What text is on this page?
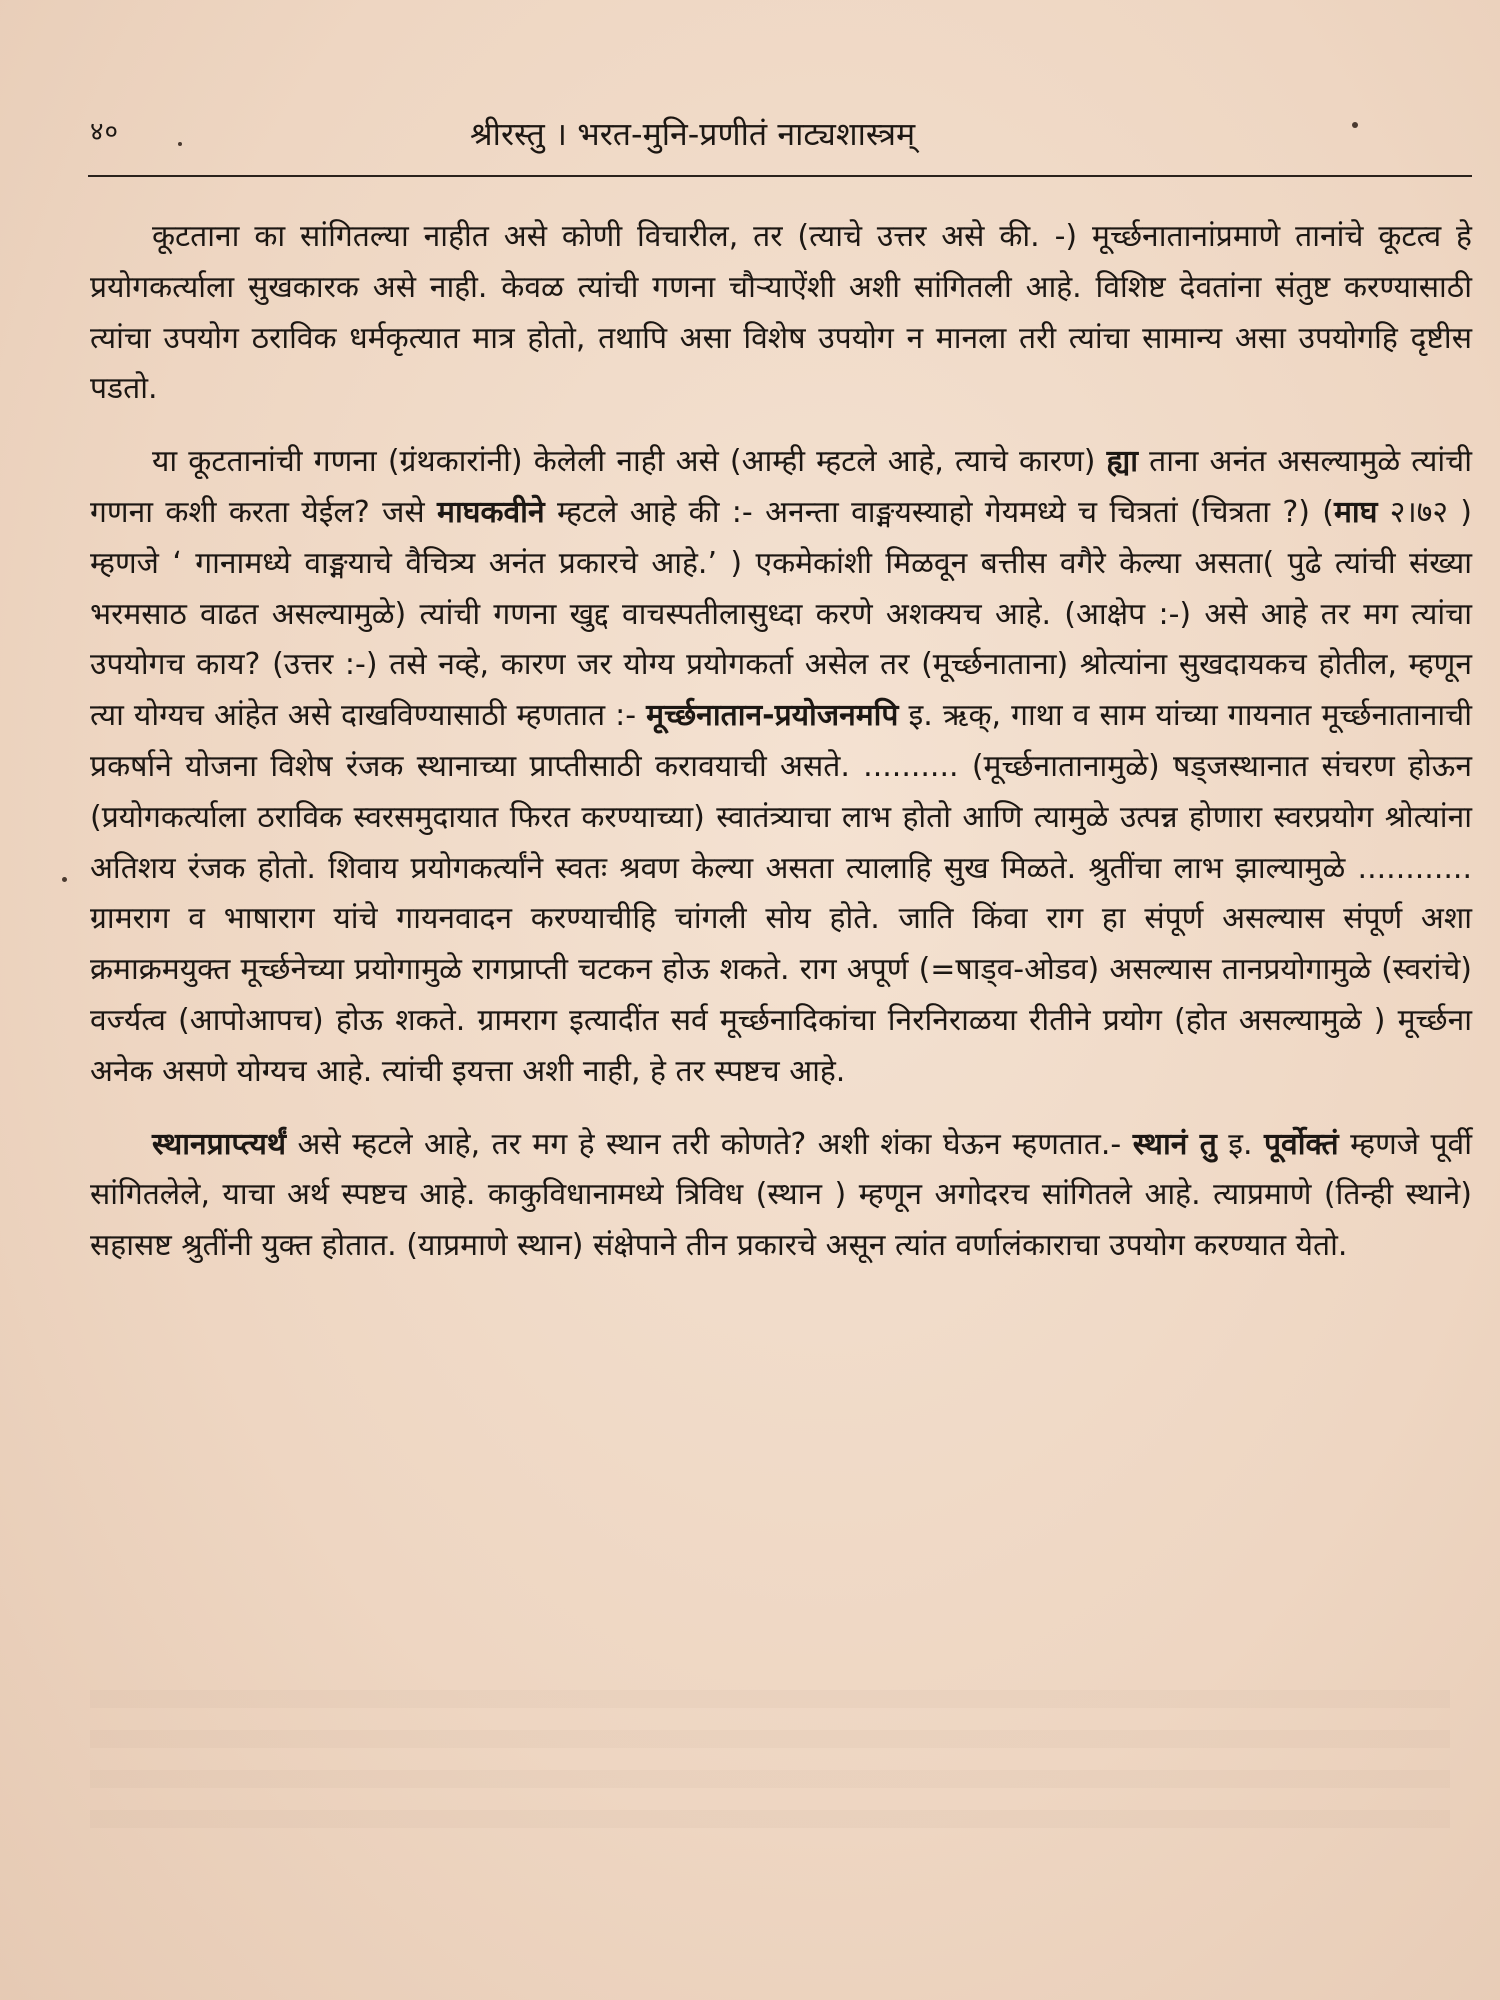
४०	श्रीरस्तु । भरत-मुनि-प्रणीतं नाट्यशास्त्रम्

कूटताना का सांगितल्या नाहीत असे कोणी विचारील, तर (त्याचे उत्तर असे की. -) मूर्च्छनातानांप्रमाणे तानांचे कूटत्व हे प्रयोगकर्त्याला सुखकारक असे नाही. केवळ त्यांची गणना चौऱ्याऐंशी अशी सांगितली आहे. विशिष्ट देवतांना संतुष्ट करण्यासाठी त्यांचा उपयोग ठराविक धर्मकृत्यात मात्र होतो, तथापि असा विशेष उपयोग न मानला तरी त्यांचा सामान्य असा उपयोगहि दृष्टीस पडतो.

या कूटतानांची गणना (ग्रंथकारांनी) केलेली नाही असे (आम्ही म्हटले आहे, त्याचे कारण) ह्या ताना अनंत असल्यामुळे त्यांची गणना कशी करता येईल? जसे माघकवीने म्हटले आहे की :- अनन्ता वाङ्मयस्याहो गेयमध्ये च चित्रतां (चित्रता ?) (माघ २।७२ ) म्हणजे ‘ गानामध्ये वाङ्मयाचे वैचित्र्य अनंत प्रकारचे आहे.’ ) एकमेकांशी मिळवून बत्तीस वगैरे केल्या असता( पुढे त्यांची संख्या भरमसाठ वाढत असल्यामुळे) त्यांची गणना खुद्द वाचस्पतीलासुध्दा करणे अशक्यच आहे. (आक्षेप :-) असे आहे तर मग त्यांचा उपयोगच काय? (उत्तर :-) तसे नव्हे, कारण जर योग्य प्रयोगकर्ता असेल तर (मूर्च्छनाताना) श्रोत्यांना सुखदायकच होतील, म्हणून त्या योग्यच आंहेत असे दाखविण्यासाठी म्हणतात :- मूर्च्छनातान-प्रयोजनमपि इ. ऋक्, गाथा व साम यांच्या गायनात मूर्च्छनातानाची प्रकर्षाने योजना विशेष रंजक स्थानाच्या प्राप्तीसाठी करावयाची असते. .......... (मूर्च्छनातानामुळे) षड्जस्थानात संचरण होऊन (प्रयोगकर्त्याला ठराविक स्वरसमुदायात फिरत करण्याच्या) स्वातंत्र्याचा लाभ होतो आणि त्यामुळे उत्पन्न होणारा स्वरप्रयोग श्रोत्यांना अतिशय रंजक होतो. शिवाय प्रयोगकर्त्यांने स्वतः श्रवण केल्या असता त्यालाहि सुख मिळते. श्रुतींचा लाभ झाल्यामुळे ............ ग्रामराग व भाषाराग यांचे गायनवादन करण्याचीहि चांगली सोय होते. जाति किंवा राग हा संपूर्ण असल्यास संपूर्ण अशा क्रमाक्रमयुक्त मूर्च्छनेच्या प्रयोगामुळे रागप्राप्ती चटकन होऊ शकते. राग अपूर्ण (=षाड्व-ओडव) असल्यास तानप्रयोगामुळे (स्वरांचे) वर्ज्यत्व (आपोआपच) होऊ शकते. ग्रामराग इत्यादींत सर्व मूर्च्छनादिकांचा निरनिराळया रीतीने प्रयोग (होत असल्यामुळे ) मूर्च्छना अनेक असणे योग्यच आहे. त्यांची इयत्ता अशी नाही, हे तर स्पष्टच आहे.

स्थानप्राप्त्यर्थं असे म्हटले आहे, तर मग हे स्थान तरी कोणते? अशी शंका घेऊन म्हणतात.- स्थानं तु इ. पूर्वोक्तं म्हणजे पूर्वी सांगितलेले, याचा अर्थ स्पष्टच आहे. काकुविधानामध्ये त्रिविध (स्थान ) म्हणून अगोदरच सांगितले आहे. त्याप्रमाणे (तिन्ही स्थाने) सहासष्ट श्रुतींनी युक्त होतात. (याप्रमाणे स्थान) संक्षेपाने तीन प्रकारचे असून त्यांत वर्णालंकाराचा उपयोग करण्यात येतो.
